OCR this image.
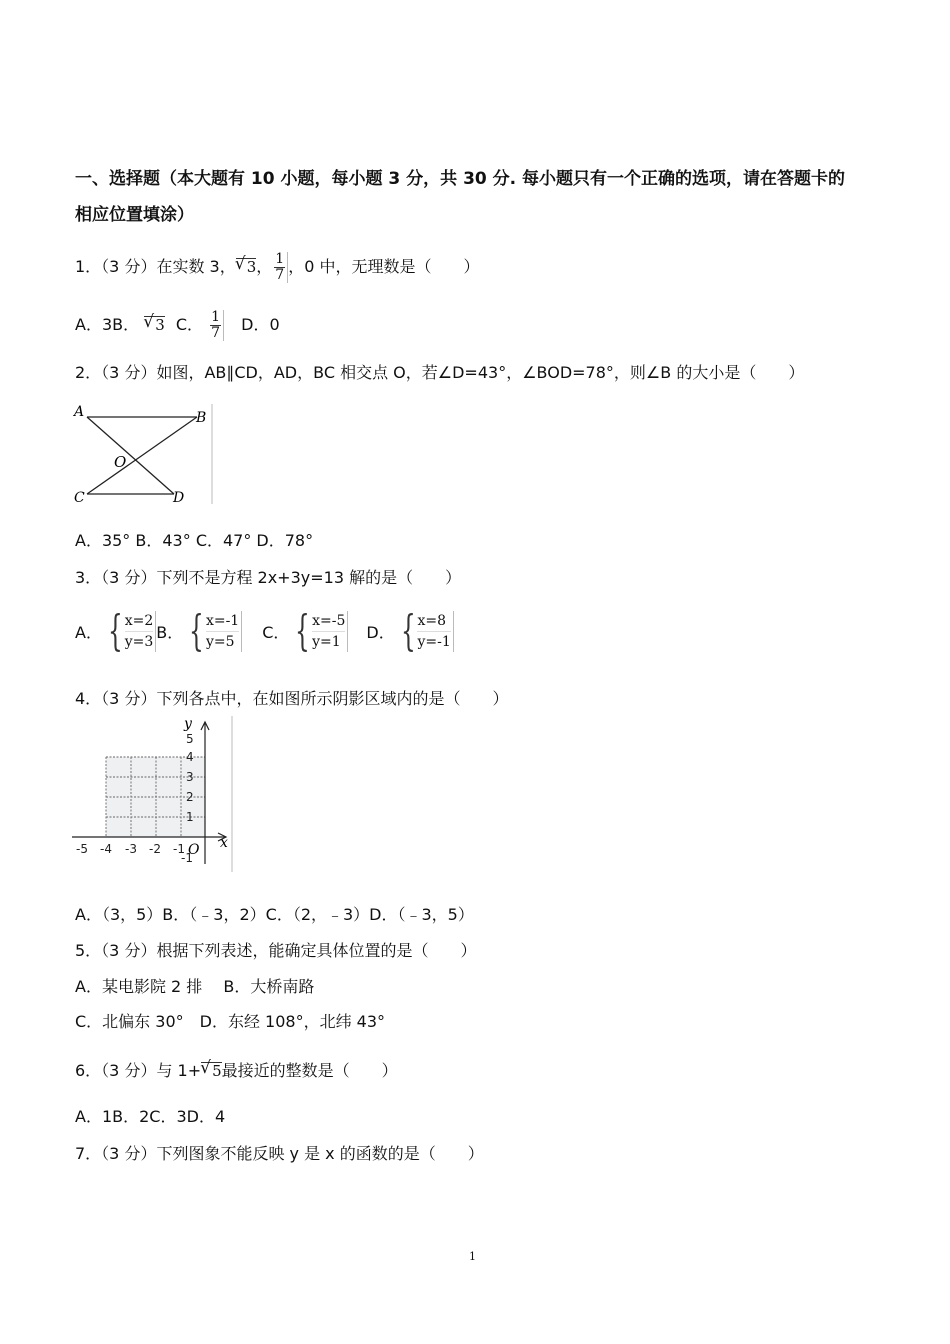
一、选择题（本大题有 10 小题，每小题 3 分，共 30 分. 每小题只有一个正确的选项，请在答题卡的
相应位置填涂）
1．（3 分）在实数 3， √ 3， $\frac{1}{7}$ ，0 中，无理数是（　　）
A．3B． √ 3 C． $\frac{1}{7}$ D．0
2．（3 分）如图，AB∥CD，AD，BC 相交点 O，若∠D=43°，∠BOD=78°，则∠B 的大小是（　　）
A	B
O
C	D
A．35° B．43° C．47° D．78°
3．（3 分）下列不是方程 2x+3y=13 解的是（　　）
A． { x=2
y=3 B． { x=-1
y=5 C． { x=-5
y=1 D． { x=8
y=-1
4．（3 分）下列各点中，在如图所示阴影区域内的是（　　）
y
x
O
-5 -4 -3 -2 -1
5
4
3
2
1
-1
A．（3，5）B．（﹣3，2）C．（2，﹣3）D．（﹣3，5）
5．（3 分）根据下列表述，能确定具体位置的是（　　）
A．某电影院 2 排　 B．大桥南路
C．北偏东 30°　D．东经 108°，北纬 43°
6．（3 分）与 1+ √ 5最接近的整数是（　　）
A．1B．2C．3D．4
7．（3 分）下列图象不能反映 y 是 x 的函数的是（　　）
1
